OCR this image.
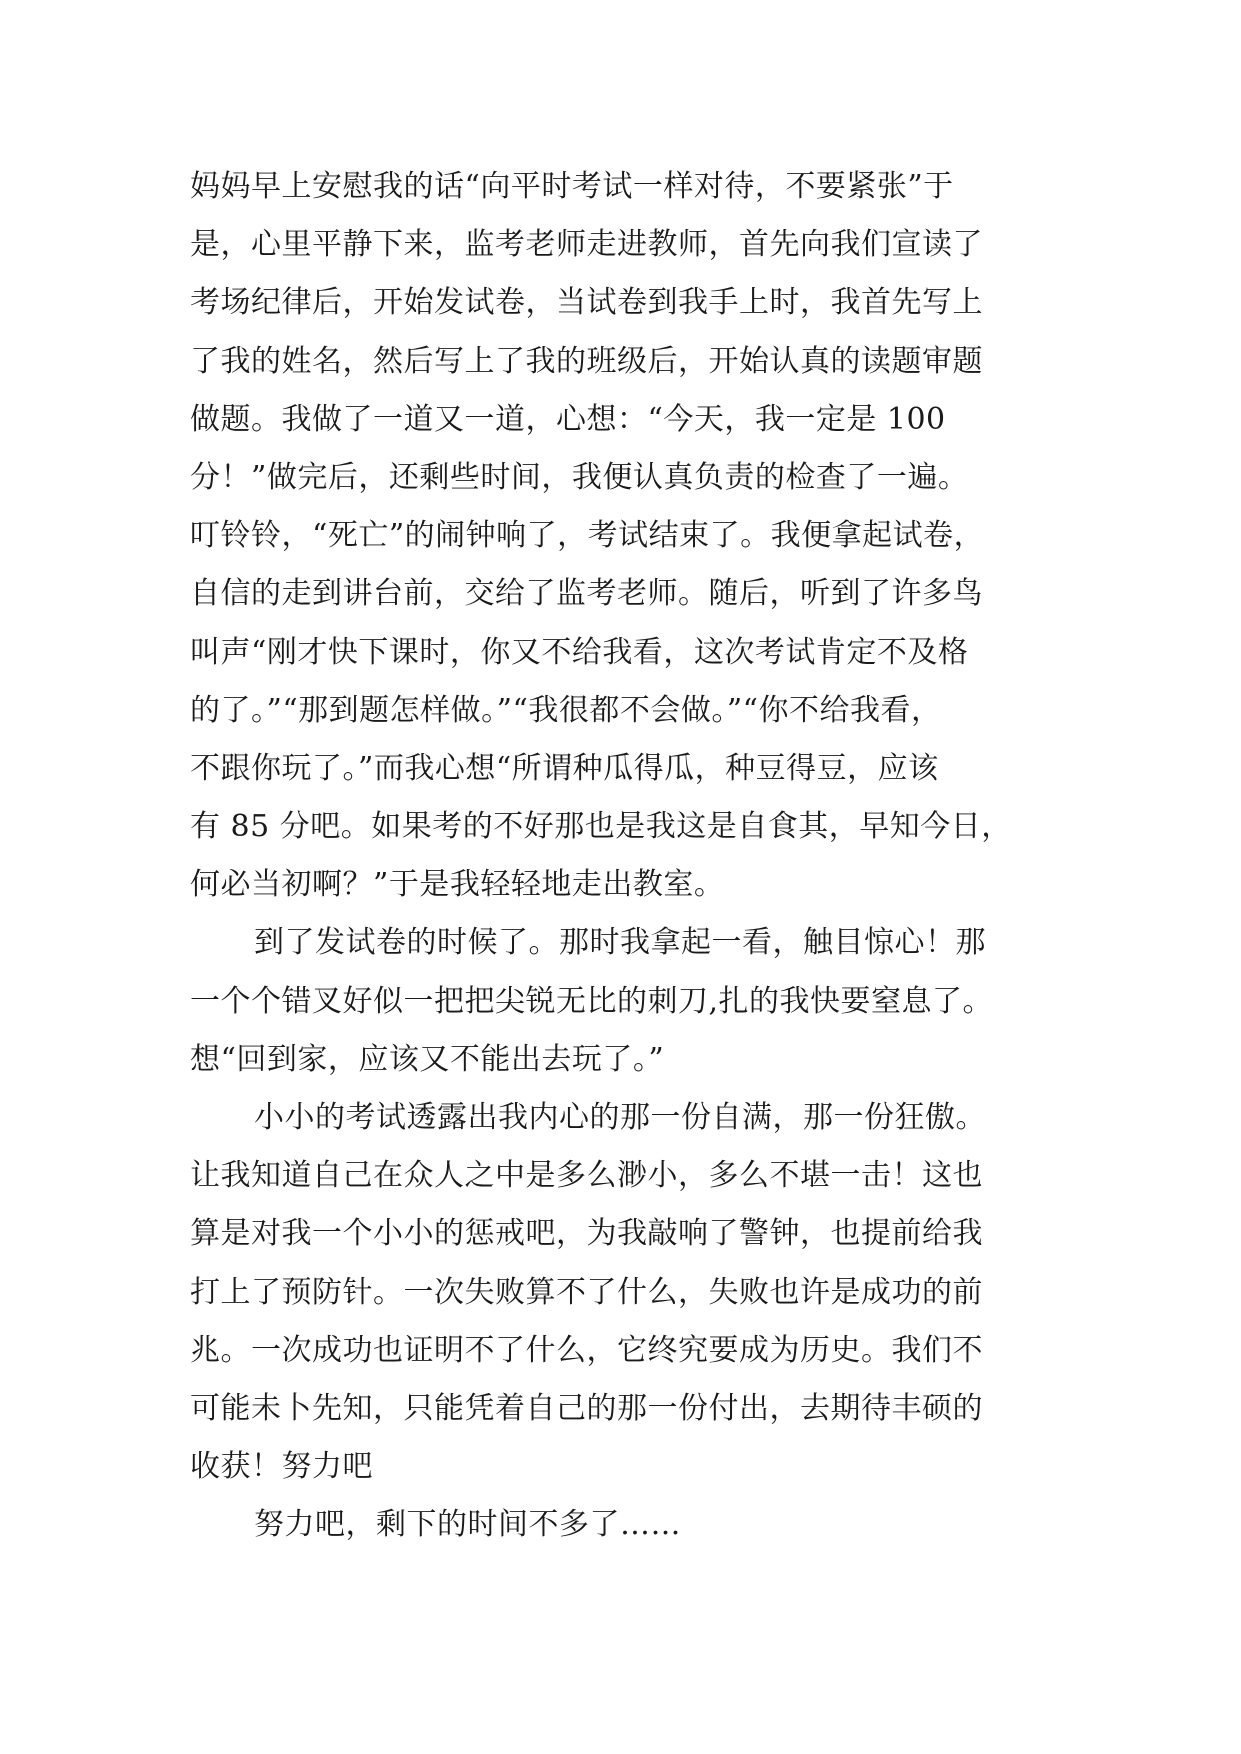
妈妈早上安慰我的话“向平时考试一样对待，不要紧张”于
是，心里平静下来，监考老师走进教师，首先向我们宣读了
考场纪律后，开始发试卷，当试卷到我手上时，我首先写上
了我的姓名，然后写上了我的班级后，开始认真的读题审题
做题。我做了一道又一道，心想：“今天，我一定是 100
分！”做完后，还剩些时间，我便认真负责的检查了一遍。
叮铃铃，“死亡”的闹钟响了，考试结束了。我便拿起试卷，
自信的走到讲台前，交给了监考老师。随后，听到了许多鸟
叫声“刚才快下课时，你又不给我看，这次考试肯定不及格
的了。”“那到题怎样做。”“我很都不会做。”“你不给我看，
不跟你玩了。”而我心想“所谓种瓜得瓜，种豆得豆，应该
有 85 分吧。如果考的不好那也是我这是自食其，早知今日，
何必当初啊？”于是我轻轻地走出教室。
到了发试卷的时候了。那时我拿起一看，触目惊心！那
一个个错叉好似一把把尖锐无比的刺刀,扎的我快要窒息了。
想“回到家，应该又不能出去玩了。”
小小的考试透露出我内心的那一份自满，那一份狂傲。
让我知道自己在众人之中是多么渺小，多么不堪一击！这也
算是对我一个小小的惩戒吧，为我敲响了警钟，也提前给我
打上了预防针。一次失败算不了什么，失败也许是成功的前
兆。一次成功也证明不了什么，它终究要成为历史。我们不
可能未卜先知，只能凭着自己的那一份付出，去期待丰硕的
收获！努力吧
努力吧，剩下的时间不多了……
